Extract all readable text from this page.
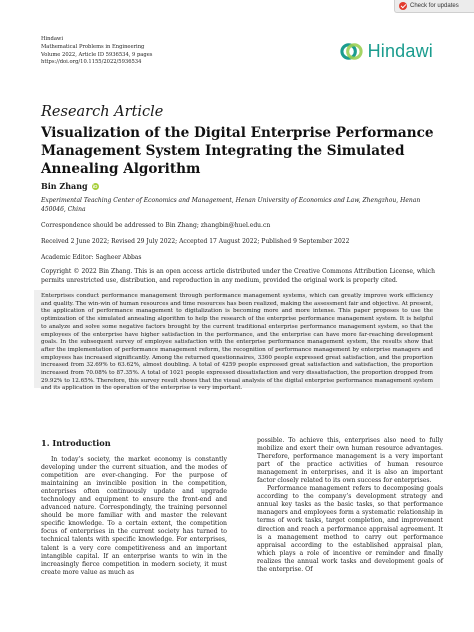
Check for updates
Hindawi
Mathematical Problems in Engineering
Volume 2022, Article ID 5936534, 9 pages
https://doi.org/10.1155/2022/5936534
Hindawi
Research Article
Visualization of the Digital Enterprise Performance Management System Integrating the Simulated Annealing Algorithm
Bin Zhang iD
Experimental Teaching Center of Economics and Management, Henan University of Economics and Law, Zhengzhou, Henan 450046, China
Correspondence should be addressed to Bin Zhang; zhangbin@huel.edu.cn
Received 2 June 2022; Revised 29 July 2022; Accepted 17 August 2022; Published 9 September 2022
Academic Editor: Sagheer Abbas
Copyright © 2022 Bin Zhang. This is an open access article distributed under the Creative Commons Attribution License, which permits unrestricted use, distribution, and reproduction in any medium, provided the original work is properly cited.

Enterprises conduct performance management through performance management systems, which can greatly improve work efficiency and quality. The win-win of human resources and time resources has been realized, making the assessment fair and objective. At present, the application of performance management to digitalization is becoming more and more intense. This paper proposes to use the optimization of the simulated annealing algorithm to help the research of the enterprise performance management system. It is helpful to analyze and solve some negative factors brought by the current traditional enterprise performance management system, so that the employees of the enterprise have higher satisfaction in the performance, and the enterprise can have more far-reaching development goals. In the subsequent survey of employee satisfaction with the enterprise performance management system, the results show that after the implementation of performance management reform, the recognition of performance management by enterprise managers and employees has increased significantly. Among the returned questionnaires, 3360 people expressed great satisfaction, and the proportion increased from 32.69% to 63.62%, almost doubling. A total of 4259 people expressed great satisfaction and satisfaction, the proportion increased from 70.08% to 87.35%. A total of 1021 people expressed dissatisfaction and very dissatisfaction, the proportion dropped from 29.92% to 12.65%. Therefore, this survey result shows that the visual analysis of the digital enterprise performance management system and its application in the operation of the enterprise is very important.

1. Introduction

In today’s society, the market economy is constantly developing under the current situation, and the modes of competition are ever-changing. For the purpose of maintaining an invincible position in the competition, enterprises often continuously update and upgrade technology and equipment to ensure the front-end and advanced nature. Correspondingly, the training personnel should be more familiar with and master the relevant specific knowledge. To a certain extent, the competition focus of enterprises in the current society has turned to technical talents with specific knowledge. For enterprises, talent is a very core competitiveness and an important intangible capital. If an enterprise wants to win in the increasingly fierce competition in modern society, it must create more value as much as

possible. To achieve this, enterprises also need to fully mobilize and exert their own human resource advantages. Therefore, performance management is a very important part of the practice activities of human resource management in enterprises, and it is also an important factor closely related to its own success for enterprises.

Performance management refers to decomposing goals according to the company’s development strategy and annual key tasks as the basic tasks, so that performance managers and employees form a systematic relationship in terms of work tasks, target completion, and improvement direction and reach a performance appraisal agreement. It is a management method to carry out performance appraisal according to the established appraisal plan, which plays a role of incentive or reminder and finally realizes the annual work tasks and development goals of the enterprise. Of
